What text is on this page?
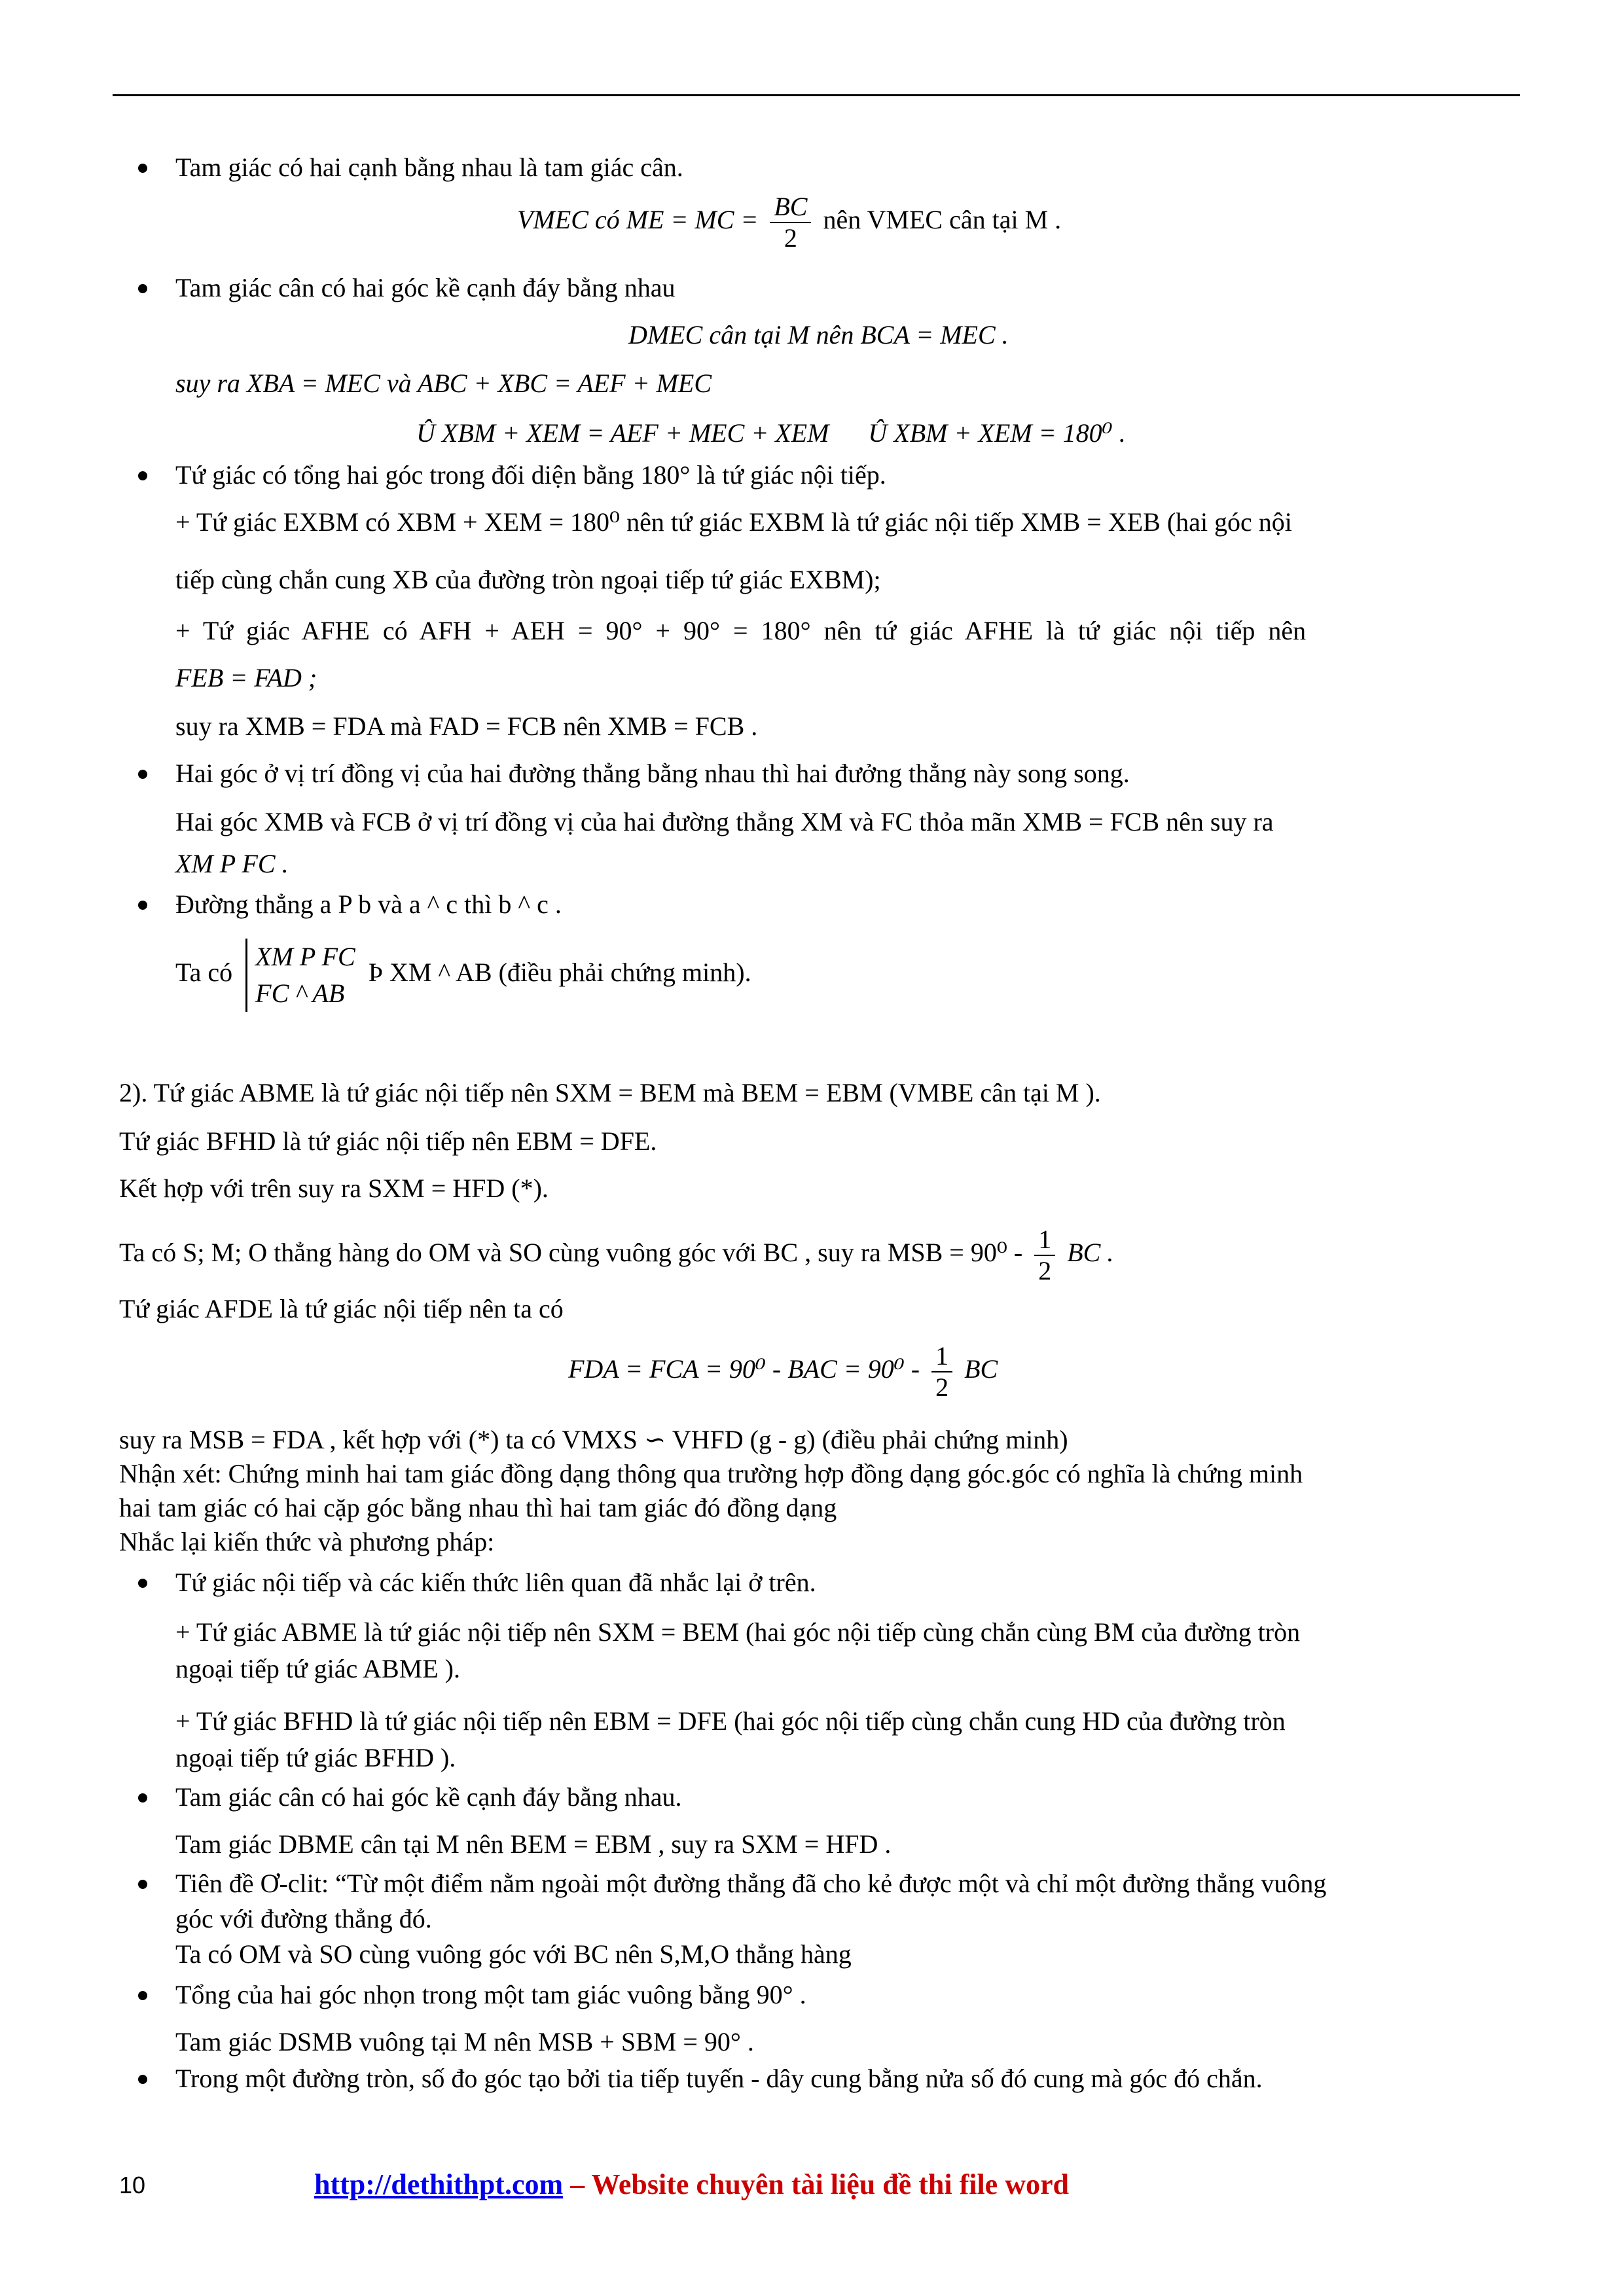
Tam giác có hai cạnh bằng nhau là tam giác cân.
VMEC có ME = MC = $\frac{BC}{2}$ nên VMEC cân tại M .
Tam giác cân có hai góc kề cạnh đáy bằng nhau
DMEC cân tại M nên BCA = MEC .
suy ra XBA = MEC và ABC + XBC = AEF + MEC
Û XBM + XEM = AEF + MEC + XEM      Û XBM + XEM = 180⁰ .
Tứ giác có tổng hai góc trong đối diện bằng 180° là tứ giác nội tiếp.
+ Tứ giác EXBM có XBM + XEM = 180⁰ nên tứ giác EXBM là tứ giác nội tiếp XMB = XEB (hai góc nội
tiếp cùng chắn cung XB của đường tròn ngoại tiếp tứ giác EXBM);
+ Tứ giác AFHE có AFH + AEH = 90° + 90° = 180° nên tứ giác AFHE là tứ giác nội tiếp nên
FEB = FAD ;
suy ra XMB = FDA mà FAD = FCB nên XMB = FCB .
Hai góc ở vị trí đồng vị của hai đường thẳng bằng nhau thì hai đưởng thẳng này song song.
Hai góc XMB và FCB ở vị trí đồng vị của hai đường thẳng XM và FC thỏa mãn XMB = FCB nên suy ra
XM P FC .
Đường thẳng a P b và a ^ c thì b ^ c .
Ta có
XM P FC
FC ^ AB
Þ XM ^ AB (điều phải chứng minh).
2). Tứ giác ABME là tứ giác nội tiếp nên SXM = BEM mà BEM = EBM (VMBE cân tại M ).
Tứ giác BFHD là tứ giác nội tiếp nên EBM = DFE.
Kết hợp với trên suy ra SXM = HFD (*).
Ta có S; M; O thẳng hàng do OM và SO cùng vuông góc với BC , suy ra MSB = $90^0 - \frac{1}{2}$ BC .
Tứ giác AFDE là tứ giác nội tiếp nên ta có
FDA = FCA = 90⁰ - BAC = $90^0 - \frac{1}{2}$ BC
suy ra MSB = FDA , kết hợp với (*) ta có VMXS ∽ VHFD (g - g) (điều phải chứng minh)
Nhận xét: Chứng minh hai tam giác đồng dạng thông qua trường hợp đồng dạng góc.góc có nghĩa là chứng minh
hai tam giác có hai cặp góc bằng nhau thì hai tam giác đó đồng dạng
Nhắc lại kiến thức và phương pháp:
Tứ giác nội tiếp và các kiến thức liên quan đã nhắc lại ở trên.
+ Tứ giác ABME là tứ giác nội tiếp nên SXM = BEM (hai góc nội tiếp cùng chắn cùng BM của đường tròn
ngoại tiếp tứ giác ABME ).
+ Tứ giác BFHD là tứ giác nội tiếp nên EBM = DFE (hai góc nội tiếp cùng chắn cung HD của đường tròn
ngoại tiếp tứ giác BFHD ).
Tam giác cân có hai góc kề cạnh đáy bằng nhau.
Tam giác DBME cân tại M nên BEM = EBM , suy ra SXM = HFD .
Tiên đề Ơ-clit: “Từ một điểm nằm ngoài một đường thẳng đã cho kẻ được một và chỉ một đường thẳng vuông
góc với đường thẳng đó.
Ta có OM và SO cùng vuông góc với BC nên S,M,O thẳng hàng
Tổng của hai góc nhọn trong một tam giác vuông bằng 90° .
Tam giác DSMB vuông tại M nên MSB + SBM = 90° .
Trong một đường tròn, số đo góc tạo bởi tia tiếp tuyến - dây cung bằng nửa số đó cung mà góc đó chắn.
10	http://dethithpt.com – Website chuyên tài liệu đề thi file word
